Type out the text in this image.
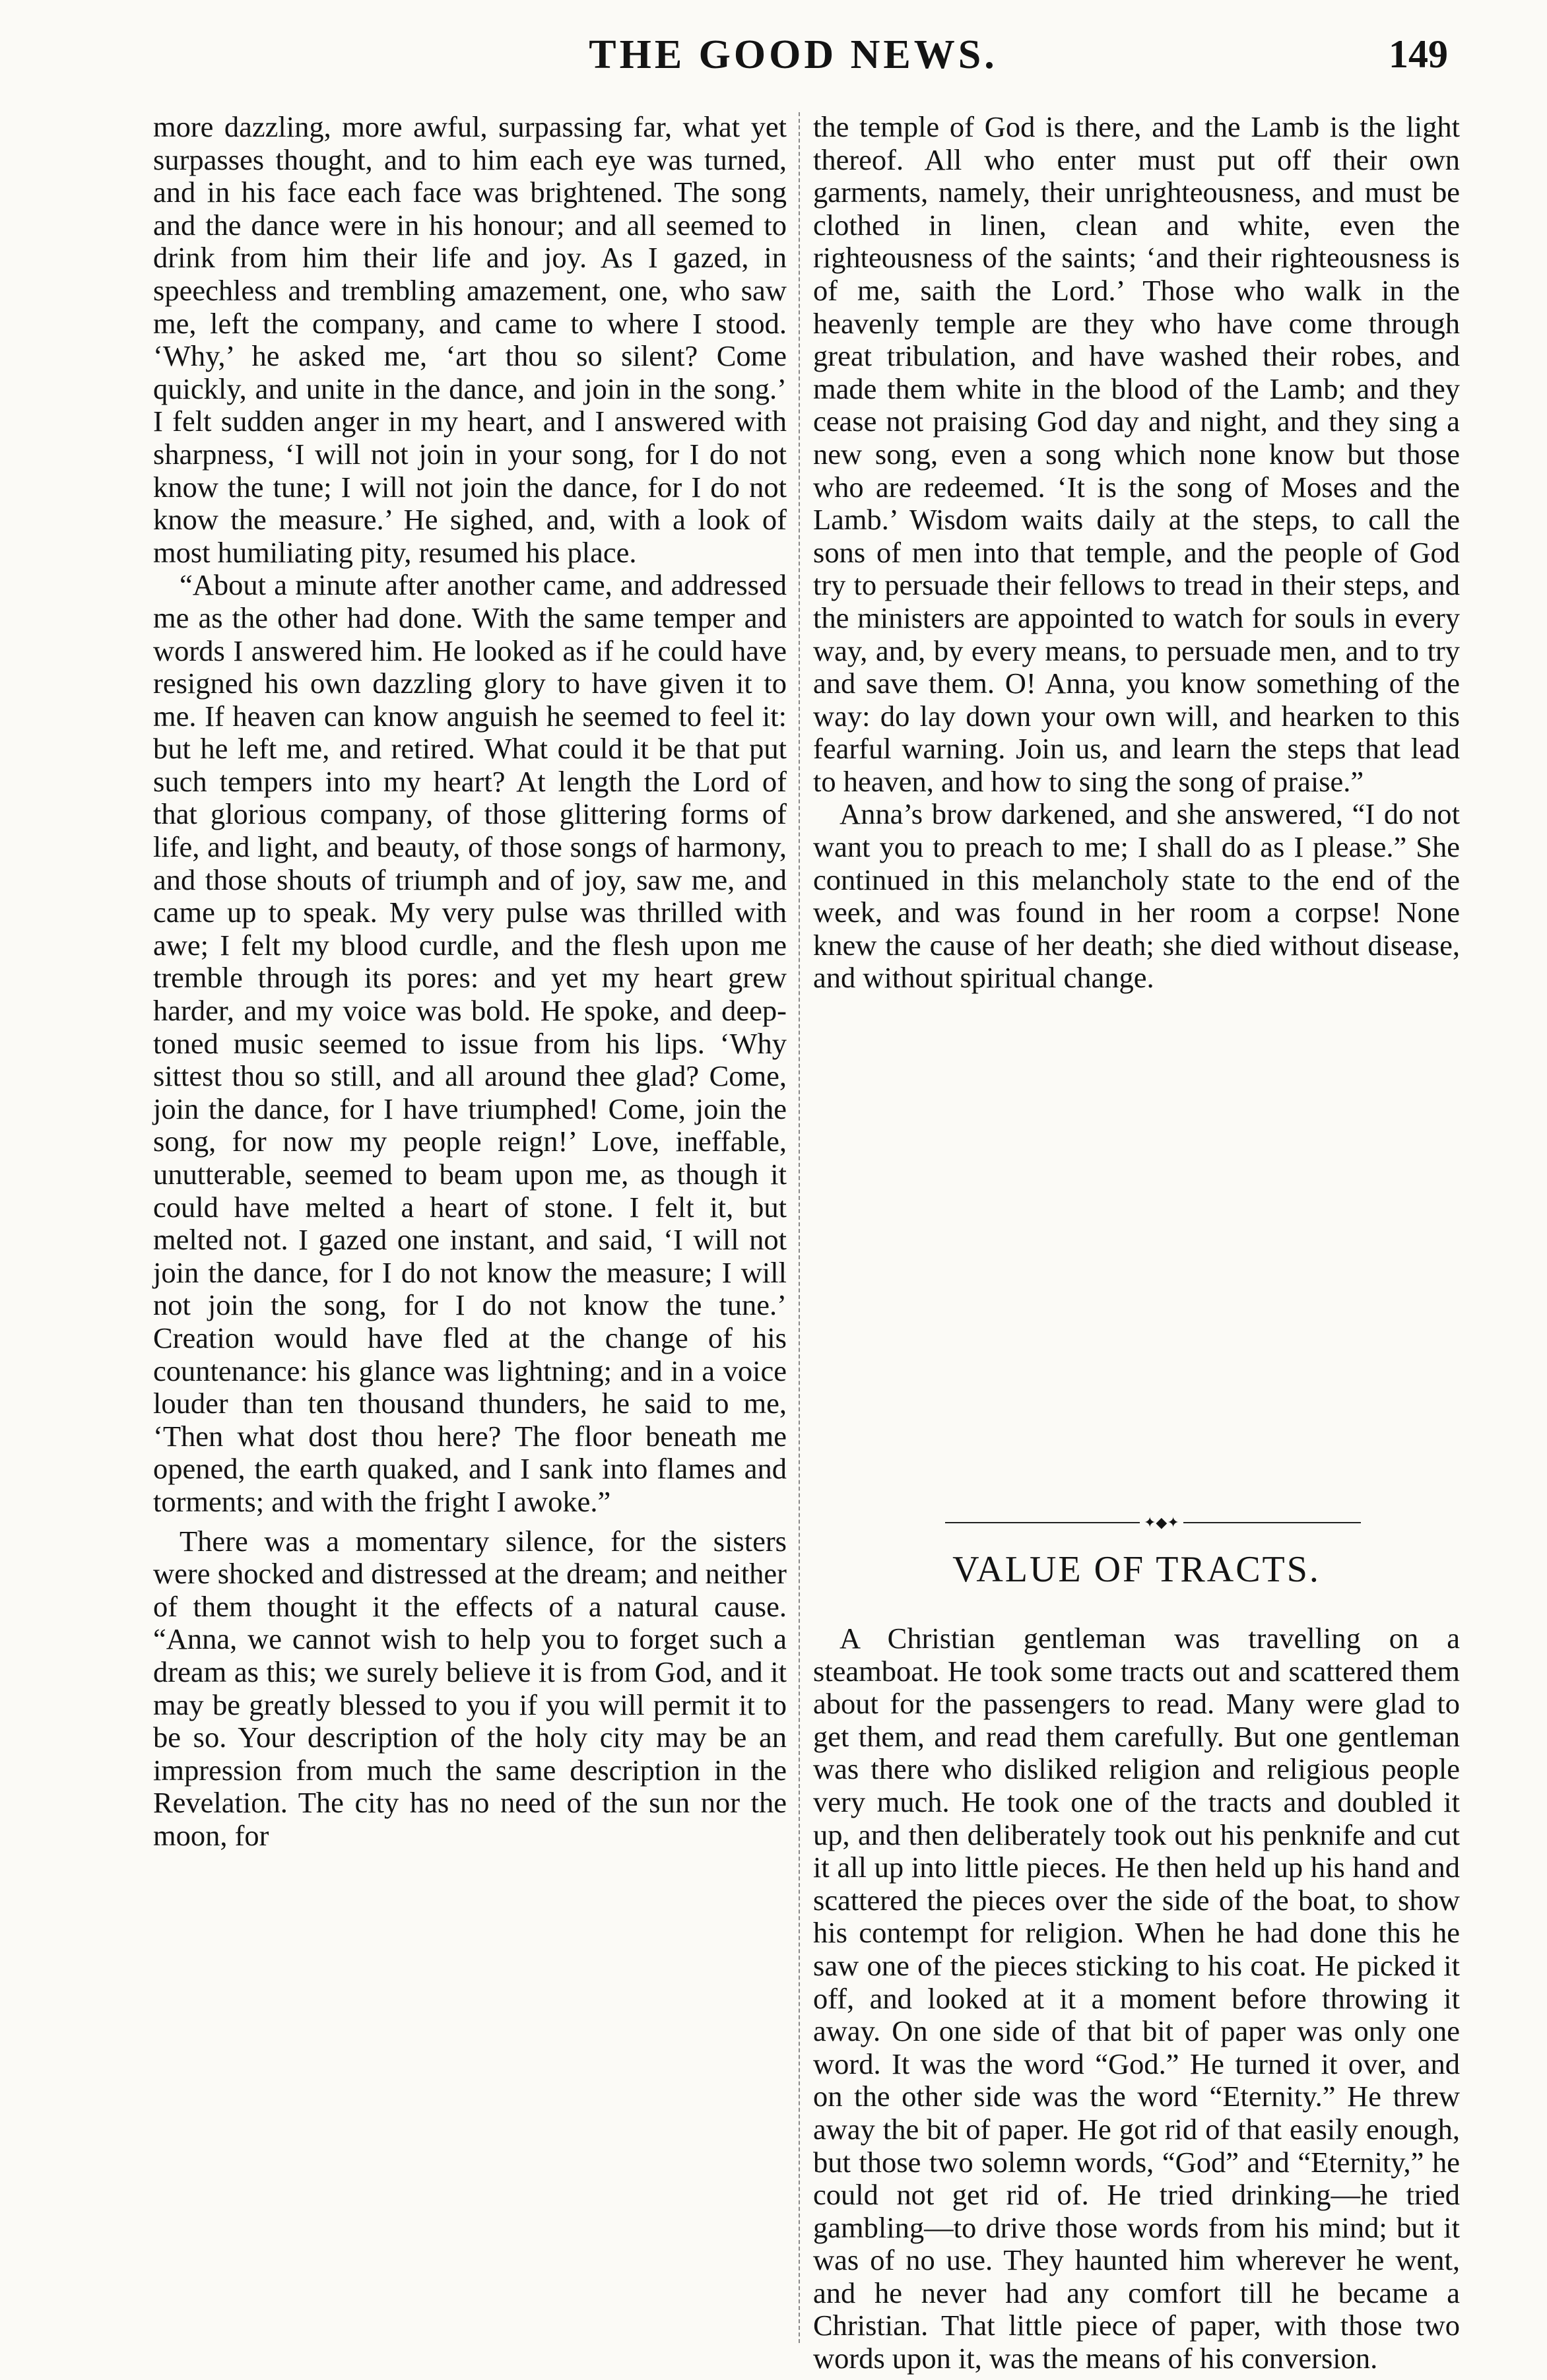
THE GOOD NEWS.	149

more dazzling, more awful, surpassing far, what yet surpasses thought, and to him each eye was turned, and in his face each face was brightened. The song and the dance were in his honour; and all seemed to drink from him their life and joy. As I gazed, in speechless and trembling amazement, one, who saw me, left the company, and came to where I stood. ‘Why,’ he asked me, ‘art thou so silent? Come quickly, and unite in the dance, and join in the song.’ I felt sudden anger in my heart, and I answered with sharpness, ‘I will not join in your song, for I do not know the tune; I will not join the dance, for I do not know the measure.’ He sighed, and, with a look of most humiliating pity, resumed his place.

“About a minute after another came, and addressed me as the other had done. With the same temper and words I answered him. He looked as if he could have resigned his own dazzling glory to have given it to me. If heaven can know anguish he seemed to feel it: but he left me, and retired. What could it be that put such tempers into my heart? At length the Lord of that glorious company, of those glittering forms of life, and light, and beauty, of those songs of harmony, and those shouts of triumph and of joy, saw me, and came up to speak. My very pulse was thrilled with awe; I felt my blood curdle, and the flesh upon me tremble through its pores: and yet my heart grew harder, and my voice was bold. He spoke, and deep-toned music seemed to issue from his lips. ‘Why sittest thou so still, and all around thee glad? Come, join the dance, for I have triumphed! Come, join the song, for now my people reign!’ Love, ineffable, unutterable, seemed to beam upon me, as though it could have melted a heart of stone. I felt it, but melted not. I gazed one instant, and said, ‘I will not join the dance, for I do not know the measure; I will not join the song, for I do not know the tune.’ Creation would have fled at the change of his countenance: his glance was lightning; and in a voice louder than ten thousand thunders, he said to me, ‘Then what dost thou here? The floor beneath me opened, the earth quaked, and I sank into flames and torments; and with the fright I awoke.”

There was a momentary silence, for the sisters were shocked and distressed at the dream; and neither of them thought it the effects of a natural cause. “Anna, we cannot wish to help you to forget such a dream as this; we surely believe it is from God, and it may be greatly blessed to you if you will permit it to be so. Your description of the holy city may be an impression from much the same description in the Revelation. The city has no need of the sun nor the moon, for

the temple of God is there, and the Lamb is the light thereof. All who enter must put off their own garments, namely, their unrighteousness, and must be clothed in linen, clean and white, even the righteousness of the saints; ‘and their righteousness is of me, saith the Lord.’ Those who walk in the heavenly temple are they who have come through great tribulation, and have washed their robes, and made them white in the blood of the Lamb; and they cease not praising God day and night, and they sing a new song, even a song which none know but those who are redeemed. ‘It is the song of Moses and the Lamb.’ Wisdom waits daily at the steps, to call the sons of men into that temple, and the people of God try to persuade their fellows to tread in their steps, and the ministers are appointed to watch for souls in every way, and, by every means, to persuade men, and to try and save them. O! Anna, you know something of the way: do lay down your own will, and hearken to this fearful warning. Join us, and learn the steps that lead to heaven, and how to sing the song of praise.”

Anna’s brow darkened, and she answered, “I do not want you to preach to me; I shall do as I please.” She continued in this melancholy state to the end of the week, and was found in her room a corpse! None knew the cause of her death; she died without disease, and without spiritual change.

✦◆✦
VALUE OF TRACTS.

A Christian gentleman was travelling on a steamboat. He took some tracts out and scattered them about for the passengers to read. Many were glad to get them, and read them carefully. But one gentleman was there who disliked religion and religious people very much. He took one of the tracts and doubled it up, and then deliberately took out his penknife and cut it all up into little pieces. He then held up his hand and scattered the pieces over the side of the boat, to show his contempt for religion. When he had done this he saw one of the pieces sticking to his coat. He picked it off, and looked at it a moment before throwing it away. On one side of that bit of paper was only one word. It was the word “God.” He turned it over, and on the other side was the word “Eternity.” He threw away the bit of paper. He got rid of that easily enough, but those two solemn words, “God” and “Eternity,” he could not get rid of. He tried drinking—he tried gambling—to drive those words from his mind; but it was of no use. They haunted him wherever he went, and he never had any comfort till he became a Christian. That little piece of paper, with those two words upon it, was the means of his conversion.
